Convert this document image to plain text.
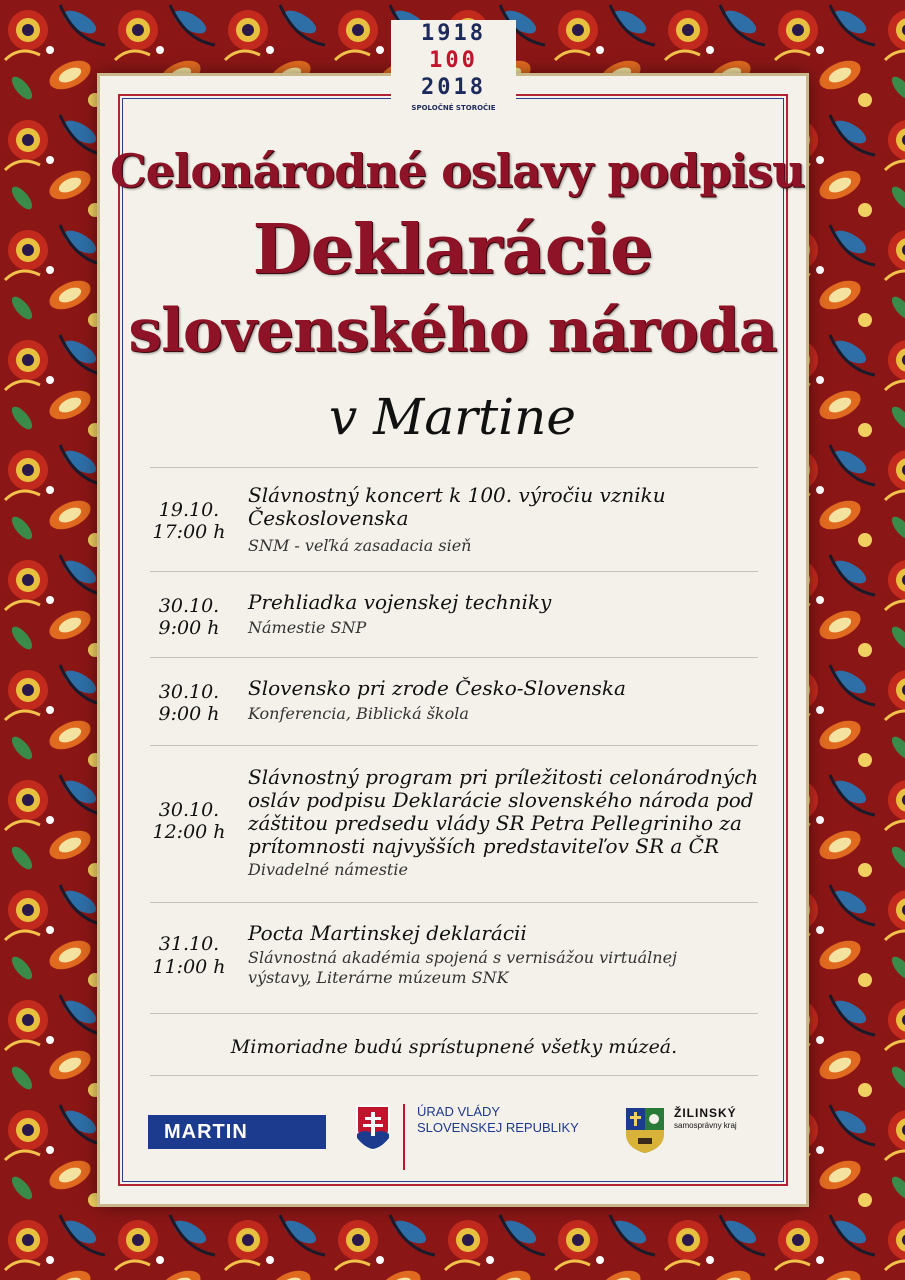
1918
100
2018
SPOLOČNÉ STOROČIE
Celonárodné oslavy podpisu
Deklarácie
slovenského národa
v Martine
19.10.
17:00 h
Slávnostný koncert k 100. výročiu vzniku Československa
SNM - veľká zasadacia sieň
30.10.
9:00 h
Prehliadka vojenskej techniky
Námestie SNP
30.10.
9:00 h
Slovensko pri zrode Česko-Slovenska
Konferencia, Biblická škola
30.10.
12:00 h
Slávnostný program pri príležitosti celonárodných osláv podpisu Deklarácie slovenského národa pod záštitou predsedu vlády SR Petra Pellegriniho za prítomnosti najvyšších predstaviteľov SR a ČR
Divadelné námestie
31.10.
11:00 h
Pocta Martinskej deklarácii
Slávnostná akadémia spojená s vernisážou virtuálnej výstavy, Literárne múzeum SNK
Mimoriadne budú sprístupnené všetky múzeá.
MARTIN
ÚRAD VLÁDY
SLOVENSKEJ REPUBLIKY
ŽILINSKÝ
samosprávny kraj
